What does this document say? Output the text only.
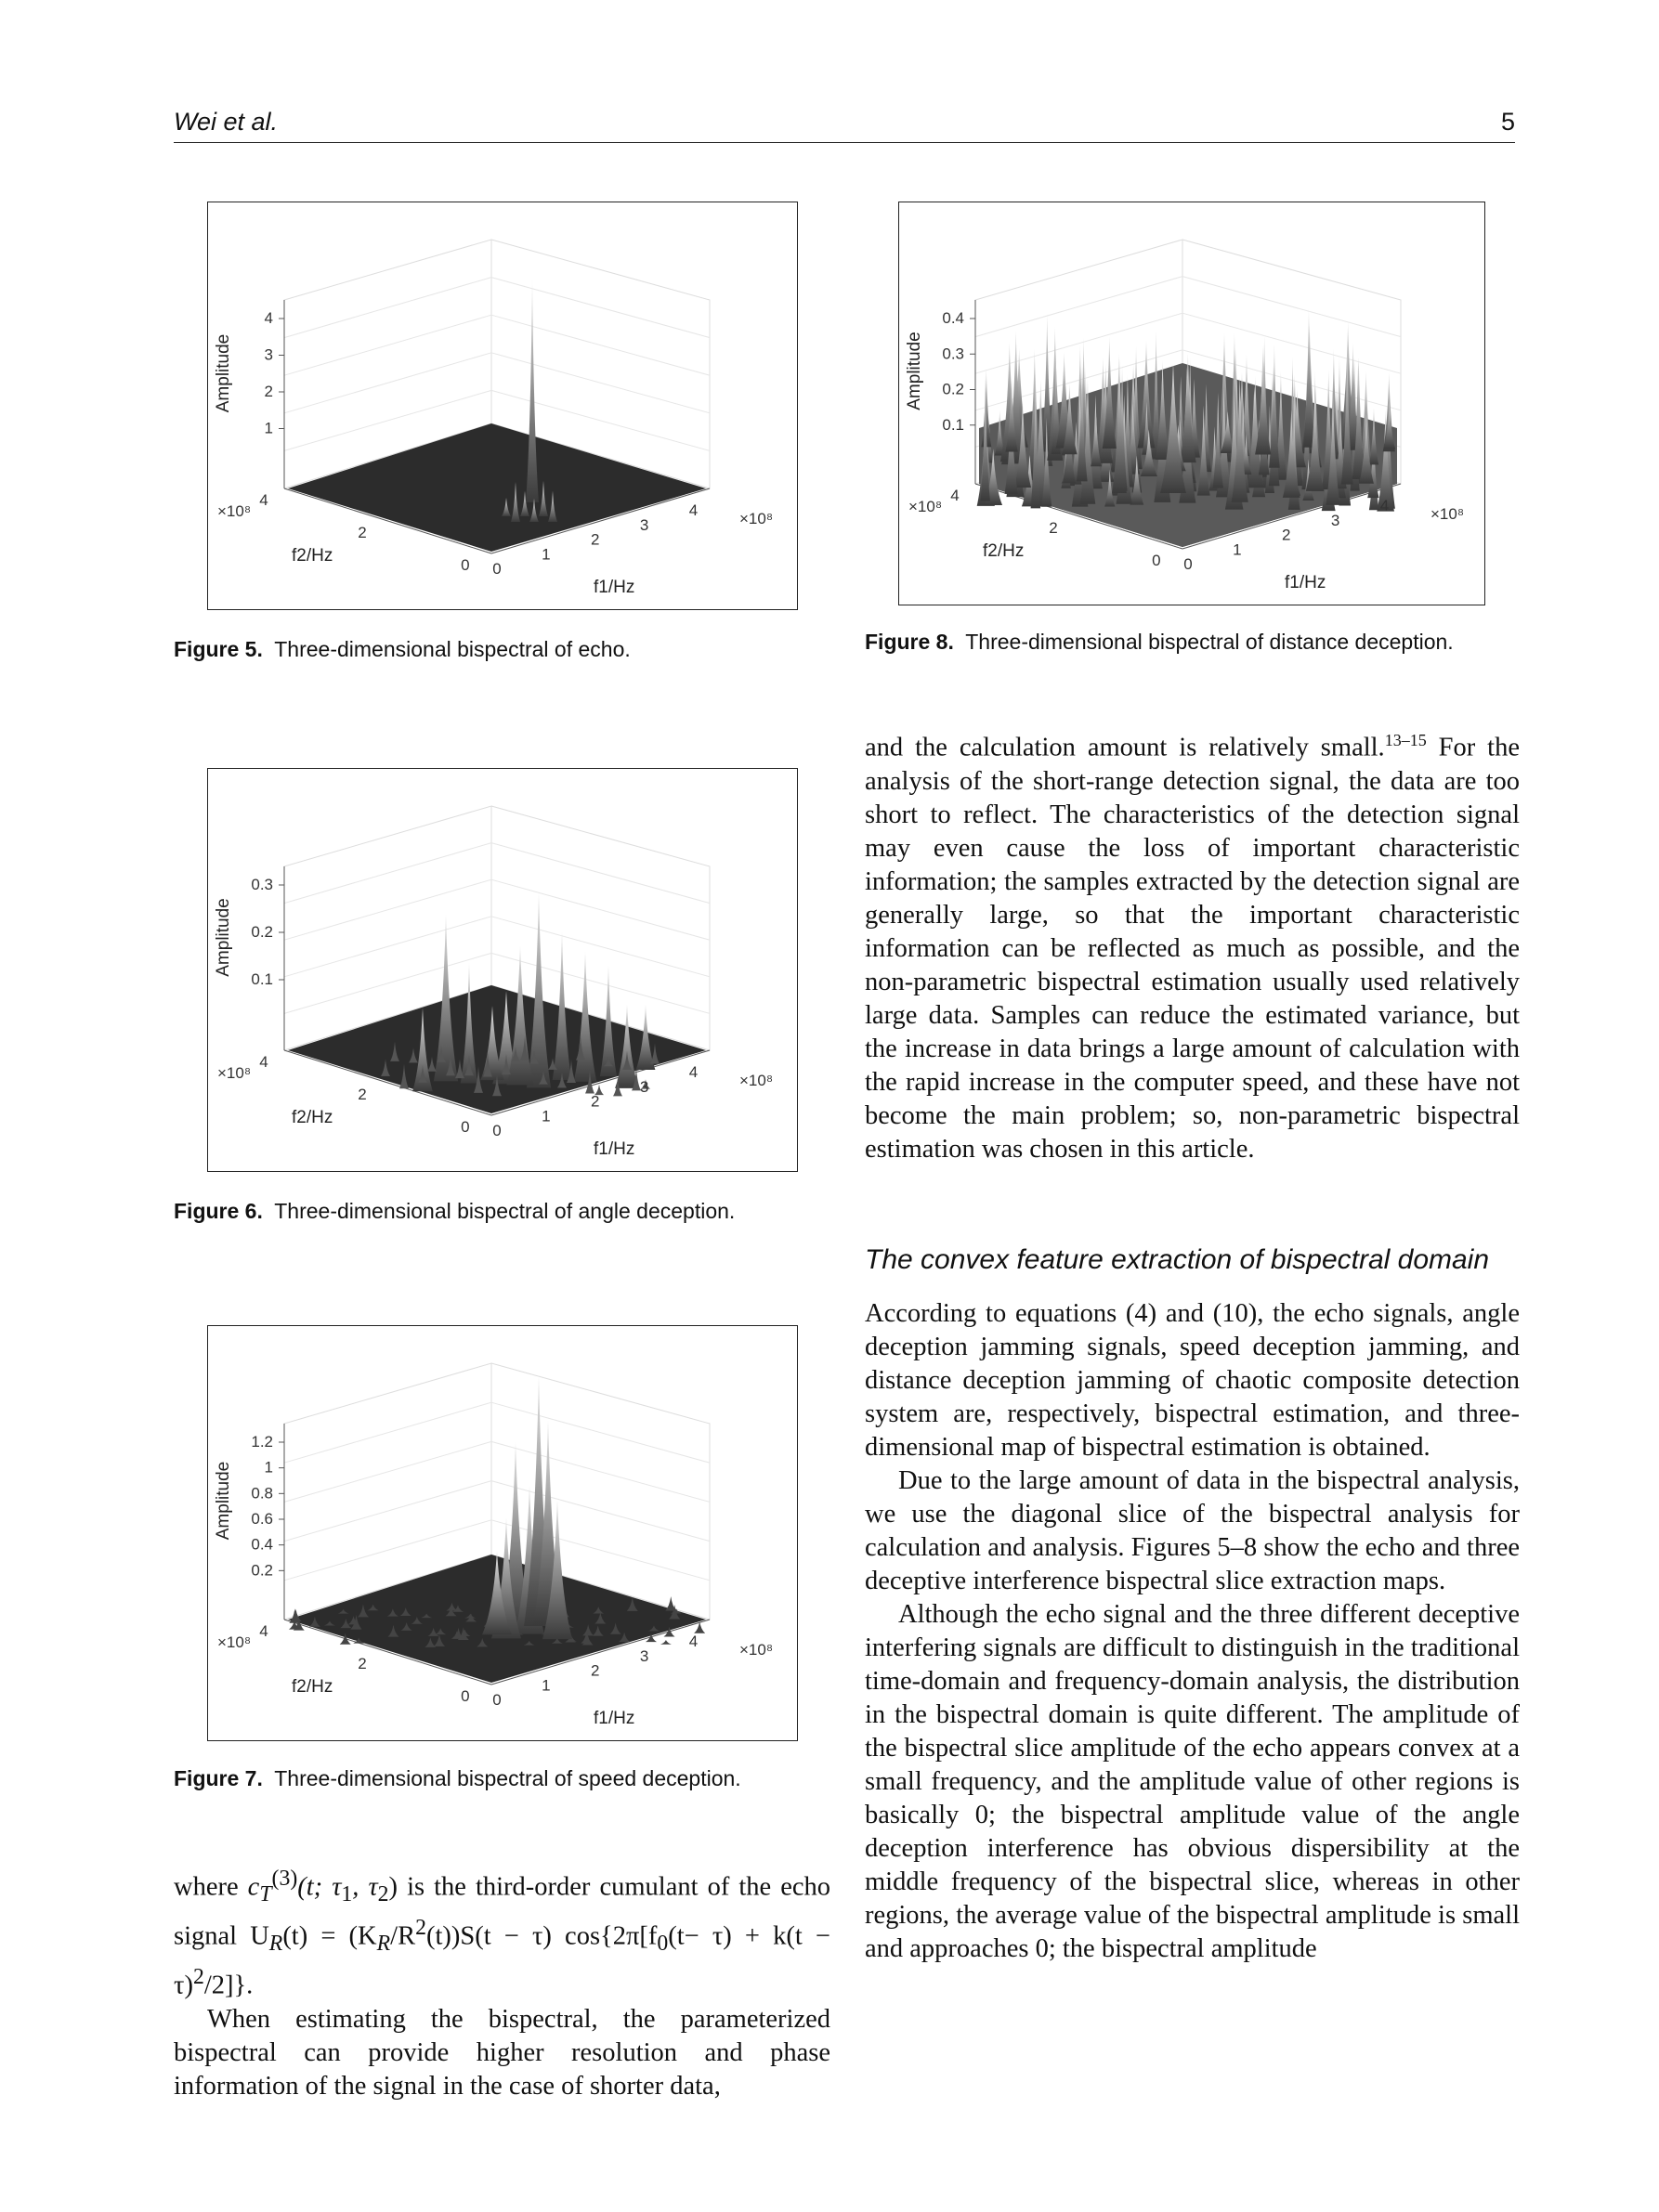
Wei et al.	5
1
2
3
4
Amplitude
0
2
4
0
1
2
3
4
×10⁸	×10⁸
f2/Hz
f1/Hz
Figure 5. Three-dimensional bispectral of echo.
0.1
0.2
0.3
0.4
Amplitude
0
2
4
0
1
2
3
4
×10⁸	×10⁸
f2/Hz
f1/Hz
Figure 8. Three-dimensional bispectral of distance deception.
0.1
0.2
0.3
Amplitude
0
2
4
0
1
2
3
4
×10⁸	×10⁸
f2/Hz
f1/Hz
Figure 6. Three-dimensional bispectral of angle deception.
0.2
0.4
0.6
0.8
1
1.2
Amplitude
0
2
4
0
1
2
3
4
×10⁸	×10⁸
f2/Hz
f1/Hz
Figure 7. Three-dimensional bispectral of speed deception.

where $c_T^{(3)}(t$; $\tau_1$, $\tau_2$) is the third-order cumulant of the echo signal $U_R(t) = (K_R/R^2(t))S(t - \tau)$ $\cos\{2\pi[f_0(t- \tau) + k(t - \tau)^2/2]\}$.

When estimating the bispectral, the parameterized bispectral can provide higher resolution and phase information of the signal in the case of shorter data,

and the calculation amount is relatively small.$^{13-15}$ For the analysis of the short-range detection signal, the data are too short to reflect. The characteristics of the detection signal may even cause the loss of important characteristic information; the samples extracted by the detection signal are generally large, so that the important characteristic information can be reflected as much as possible, and the non-parametric bispectral estimation usually used relatively large data. Samples can reduce the estimated variance, but the increase in data brings a large amount of calculation with the rapid increase in the computer speed, and these have not become the main problem; so, non-parametric bispectral estimation was chosen in this article.

The convex feature extraction of bispectral domain

According to equations (4) and (10), the echo signals, angle deception jamming signals, speed deception jamming, and distance deception jamming of chaotic composite detection system are, respectively, bispectral estimation, and three-dimensional map of bispectral estimation is obtained.

Due to the large amount of data in the bispectral analysis, we use the diagonal slice of the bispectral analysis for calculation and analysis. Figures 5–8 show the echo and three deceptive interference bispectral slice extraction maps.

Although the echo signal and the three different deceptive interfering signals are difficult to distinguish in the traditional time-domain and frequency-domain analysis, the distribution in the bispectral domain is quite different. The amplitude of the bispectral slice amplitude of the echo appears convex at a small frequency, and the amplitude value of other regions is basically 0; the bispectral amplitude value of the angle deception interference has obvious dispersibility at the middle frequency of the bispectral slice, whereas in other regions, the average value of the bispectral amplitude is small and approaches 0; the bispectral amplitude
